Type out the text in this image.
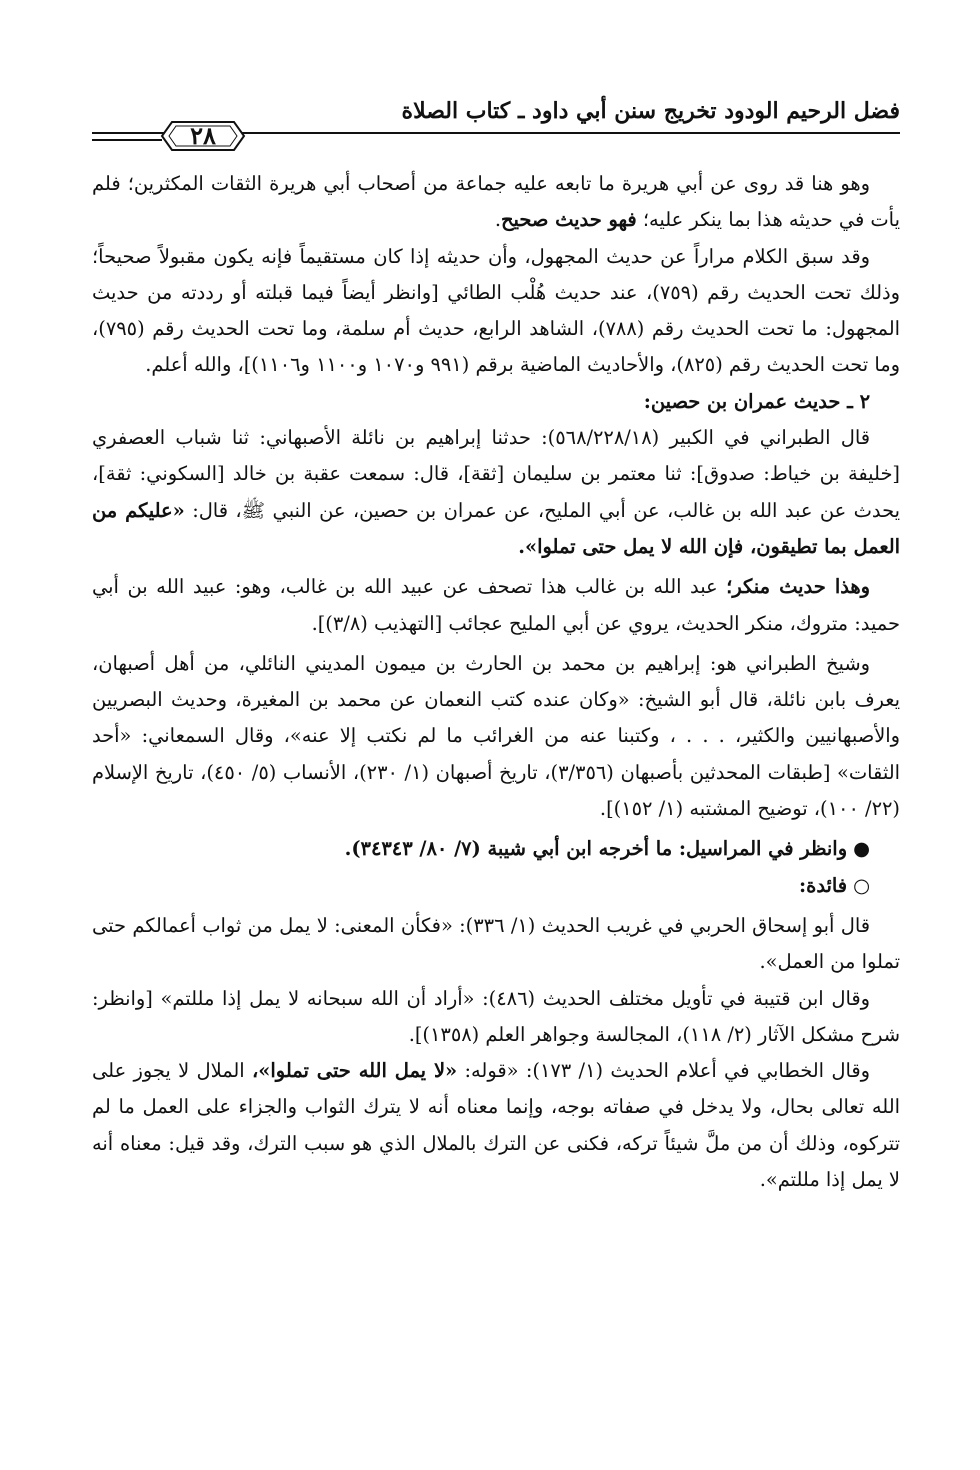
فضل الرحيم الودود تخريج سنن أبي داود ـ كتاب الصلاة
٢٨

وهو هنا قد روى عن أبي هريرة ما تابعه عليه جماعة من أصحاب أبي هريرة الثقات المكثرين؛ فلم يأت في حديثه هذا بما ينكر عليه؛ فهو حديث صحيح.

وقد سبق الكلام مراراً عن حديث المجهول، وأن حديثه إذا كان مستقيماً فإنه يكون مقبولاً صحيحاً؛ وذلك تحت الحديث رقم (٧٥٩)، عند حديث هُلْب الطائي [وانظر أيضاً فيما قبلته أو رددته من حديث المجهول: ما تحت الحديث رقم (٧٨٨)، الشاهد الرابع، حديث أم سلمة، وما تحت الحديث رقم (٧٩٥)، وما تحت الحديث رقم (٨٢٥)، والأحاديث الماضية برقم (٩٩١ و١٠٧٠ و١١٠٠ و١١٠٦)]، والله أعلم.

٢ ـ حديث عمران بن حصين:

قال الطبراني في الكبير (٥٦٨/٢٢٨/١٨): حدثنا إبراهيم بن نائلة الأصبهاني: ثنا شباب العصفري [خليفة بن خياط: صدوق]: ثنا معتمر بن سليمان [ثقة]، قال: سمعت عقبة بن خالد [السكوني: ثقة]، يحدث عن عبد الله بن غالب، عن أبي المليح، عن عمران بن حصين، عن النبي ﷺ، قال: «عليكم من العمل بما تطيقون، فإن الله لا يمل حتى تملوا».

وهذا حديث منكر؛ عبد الله بن غالب هذا تصحف عن عبيد الله بن غالب، وهو: عبيد الله بن أبي حميد: متروك، منكر الحديث، يروي عن أبي المليح عجائب [التهذيب (٣/٨)].

وشيخ الطبراني هو: إبراهيم بن محمد بن الحارث بن ميمون المديني النائلي، من أهل أصبهان، يعرف بابن نائلة، قال أبو الشيخ: «وكان عنده كتب النعمان عن محمد بن المغيرة، وحديث البصريين والأصبهانيين والكثير، . . . ، وكتبنا عنه من الغرائب ما لم نكتب إلا عنه»، وقال السمعاني: «أحد الثقات» [طبقات المحدثين بأصبهان (٣/٣٥٦)، تاريخ أصبهان (١/ ٢٣٠)، الأنساب (٥/ ٤٥٠)، تاريخ الإسلام (٢٢/ ١٠٠)، توضيح المشتبه (١/ ١٥٢)].

●وانظر في المراسيل: ما أخرجه ابن أبي شيبة (٧/ ٨٠/ ٣٤٣٤٣).

○فائدة:

قال أبو إسحاق الحربي في غريب الحديث (١/ ٣٣٦): «فكأن المعنى: لا يمل من ثواب أعمالكم حتى تملوا من العمل».

وقال ابن قتيبة في تأويل مختلف الحديث (٤٨٦): «أراد أن الله سبحانه لا يمل إذا مللتم» [وانظر: شرح مشكل الآثار (٢/ ١١٨)، المجالسة وجواهر العلم (١٣٥٨)].

وقال الخطابي في أعلام الحديث (١/ ١٧٣): «قوله: «لا يمل الله حتى تملوا»، الملال لا يجوز على الله تعالى بحال، ولا يدخل في صفاته بوجه، وإنما معناه أنه لا يترك الثواب والجزاء على العمل ما لم تتركوه، وذلك أن من ملَّ شيئاً تركه، فكنى عن الترك بالملال الذي هو سبب الترك، وقد قيل: معناه أنه لا يمل إذا مللتم».
